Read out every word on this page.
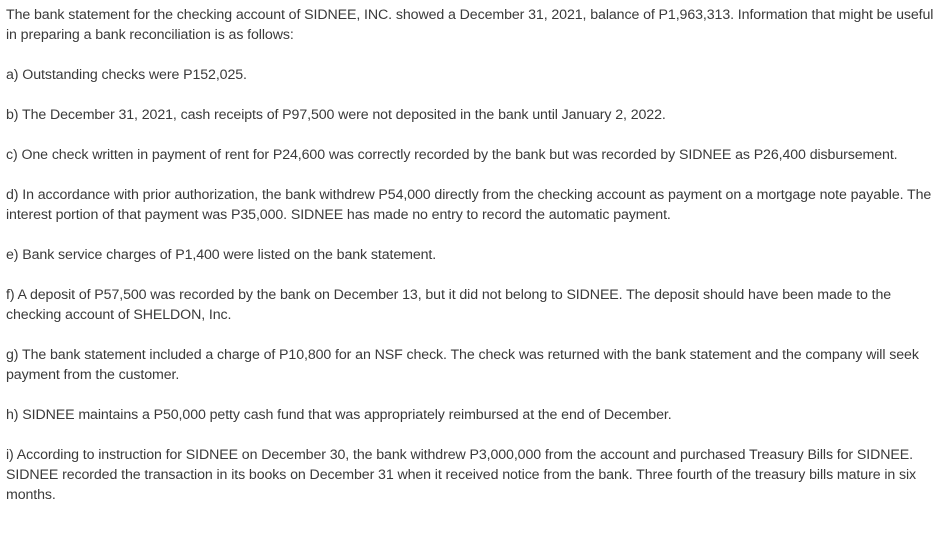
The bank statement for the checking account of SIDNEE, INC. showed a December 31, 2021, balance of P1,963,313. Information that might be useful in preparing a bank reconciliation is as follows:

a) Outstanding checks were P152,025.

b) The December 31, 2021, cash receipts of P97,500 were not deposited in the bank until January 2, 2022.

c) One check written in payment of rent for P24,600 was correctly recorded by the bank but was recorded by SIDNEE as P26,400 disbursement.

d) In accordance with prior authorization, the bank withdrew P54,000 directly from the checking account as payment on a mortgage note payable. The interest portion of that payment was P35,000. SIDNEE has made no entry to record the automatic payment.

e) Bank service charges of P1,400 were listed on the bank statement.

f) A deposit of P57,500 was recorded by the bank on December 13, but it did not belong to SIDNEE. The deposit should have been made to the checking account of SHELDON, Inc.

g) The bank statement included a charge of P10,800 for an NSF check. The check was returned with the bank statement and the company will seek payment from the customer.

h) SIDNEE maintains a P50,000 petty cash fund that was appropriately reimbursed at the end of December.

i) According to instruction for SIDNEE on December 30, the bank withdrew P3,000,000 from the account and purchased Treasury Bills for SIDNEE. SIDNEE recorded the transaction in its books on December 31 when it received notice from the bank. Three fourth of the treasury bills mature in six months.
